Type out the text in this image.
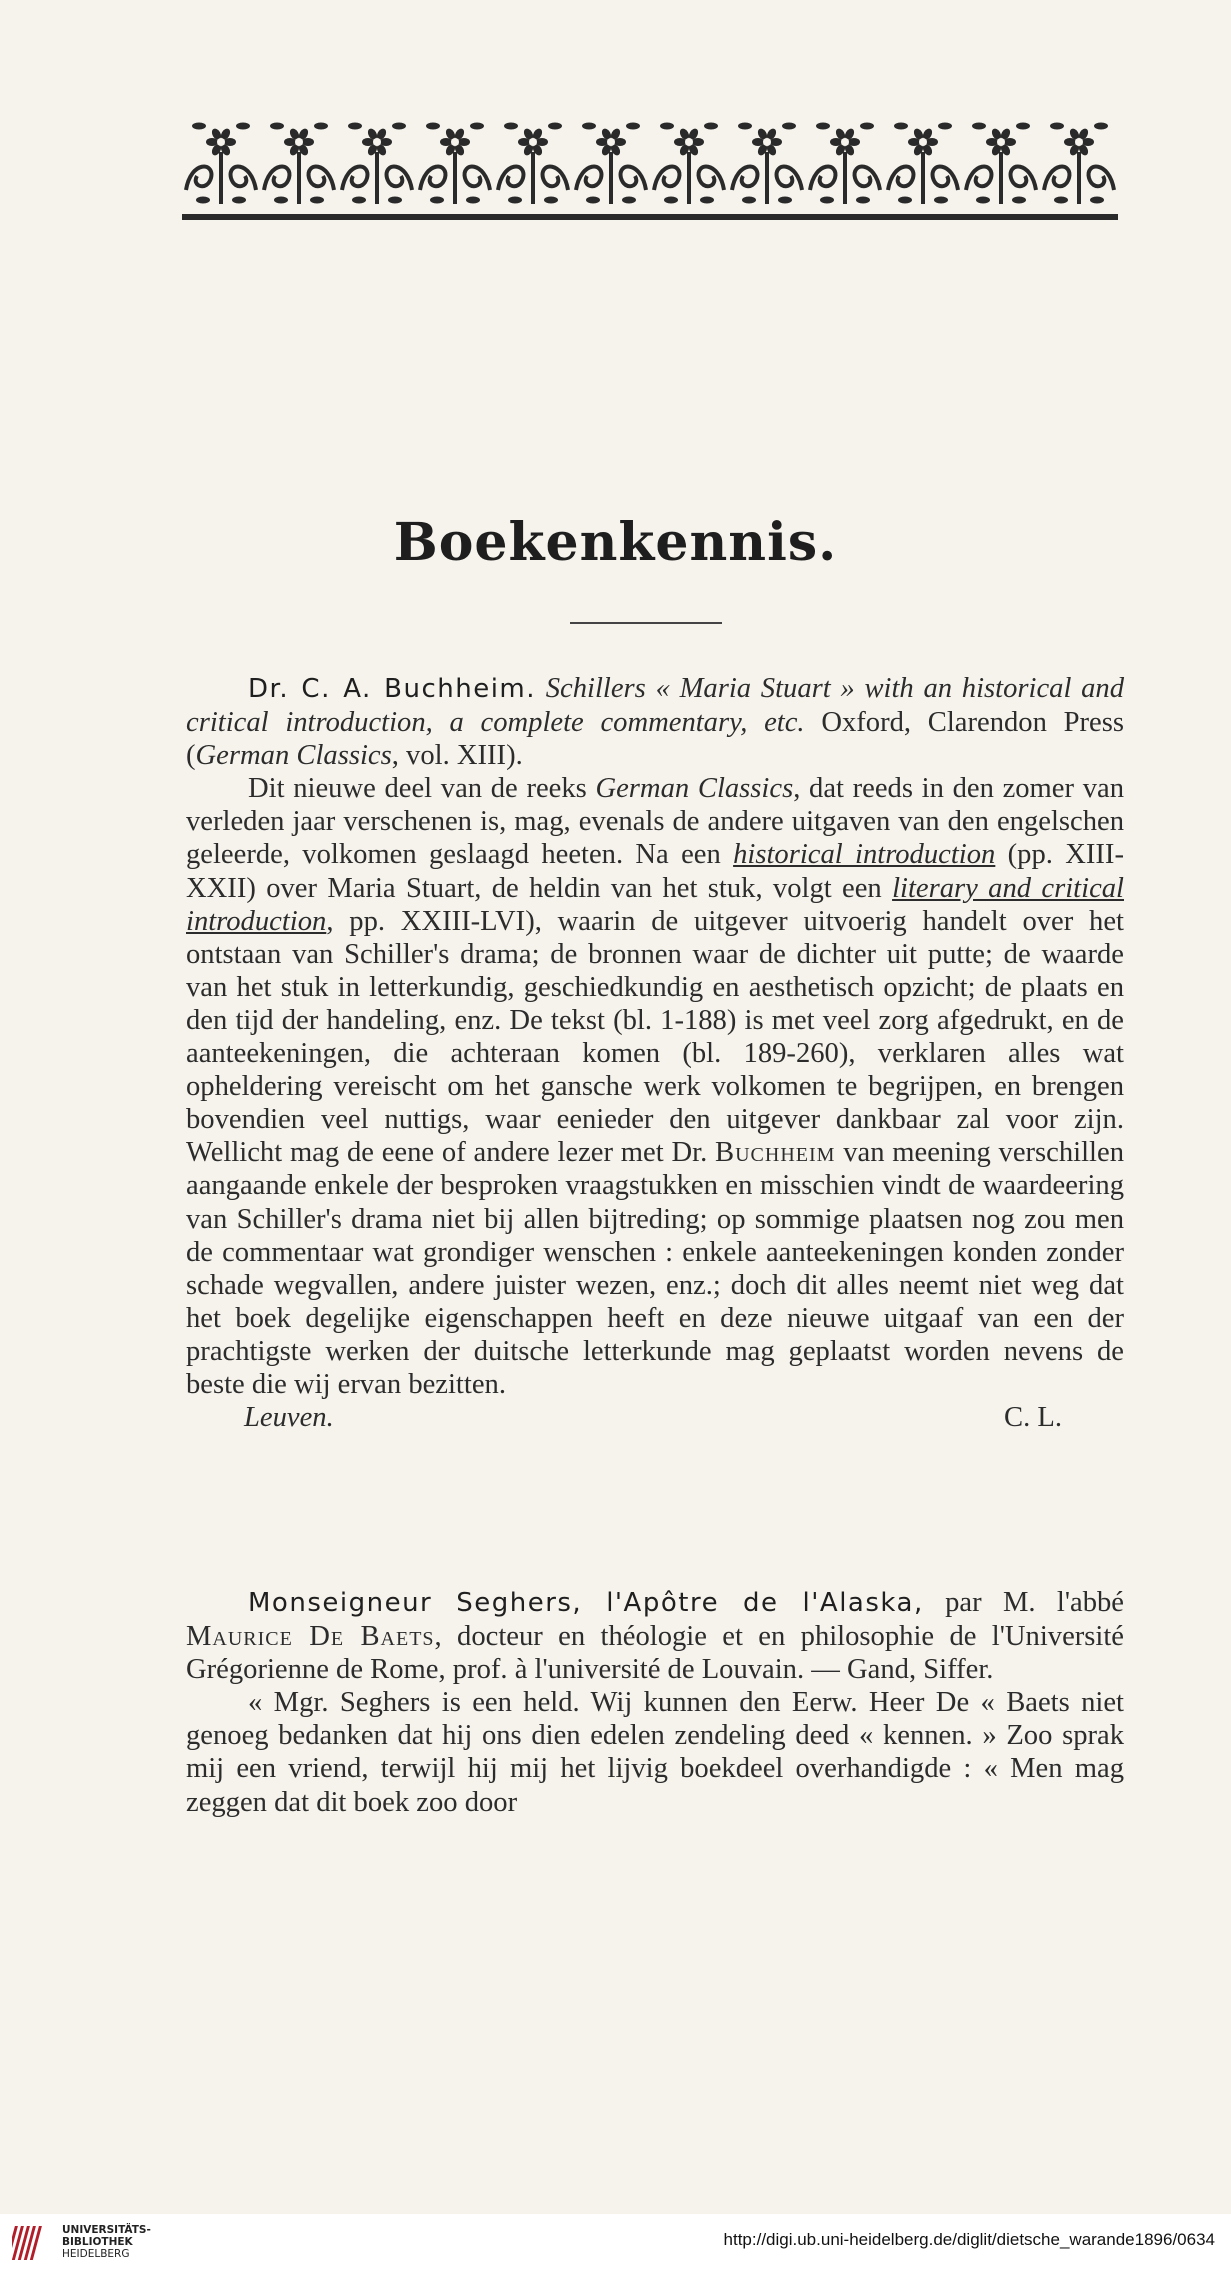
Boekenkennis.

Dr. C. A. Buchheim. Schillers « Maria Stuart » with an historical and critical introduction, a complete commentary, etc. Oxford, Clarendon Press (German Classics, vol. XIII).

Dit nieuwe deel van de reeks German Classics, dat reeds in den zomer van verleden jaar verschenen is, mag, evenals de andere uitgaven van den engelschen geleerde, volkomen geslaagd heeten. Na een historical introduction (pp. XIII-XXII) over Maria Stuart, de heldin van het stuk, volgt een literary and critical introduction, pp. XXIII-LVI), waarin de uitgever uitvoerig handelt over het ontstaan van Schiller's drama; de bronnen waar de dichter uit putte; de waarde van het stuk in letterkundig, geschiedkundig en aesthetisch opzicht; de plaats en den tijd der handeling, enz. De tekst (bl. 1-188) is met veel zorg afgedrukt, en de aanteekeningen, die achteraan komen (bl. 189-260), verklaren alles wat opheldering vereischt om het gansche werk volkomen te begrijpen, en brengen bovendien veel nuttigs, waar eenieder den uitgever dankbaar zal voor zijn. Wellicht mag de eene of andere lezer met Dr. Buchheim van meening verschillen aangaande enkele der besproken vraagstukken en misschien vindt de waardeering van Schiller's drama niet bij allen bijtreding; op sommige plaatsen nog zou men de commentaar wat grondiger wenschen : enkele aanteekeningen konden zonder schade wegvallen, andere juister wezen, enz.; doch dit alles neemt niet weg dat het boek degelijke eigenschappen heeft en deze nieuwe uitgaaf van een der prachtigste werken der duitsche letterkunde mag geplaatst worden nevens de beste die wij ervan bezitten.

Leuven.	C. L.

Monseigneur Seghers, l'Apôtre de l'Alaska, par M. l'abbé Maurice De Baets, docteur en théologie et en philosophie de l'Université Grégorienne de Rome, prof. à l'université de Louvain. — Gand, Siffer.

« Mgr. Seghers is een held. Wij kunnen den Eerw. Heer De « Baets niet genoeg bedanken dat hij ons dien edelen zendeling deed « kennen. » Zoo sprak mij een vriend, terwijl hij mij het lijvig boekdeel overhandigde : « Men mag zeggen dat dit boek zoo door

UNIVERSITÄTS-
BIBLIOTHEK
HEIDELBERG
http://digi.ub.uni-heidelberg.de/diglit/dietsche_warande1896/0634
